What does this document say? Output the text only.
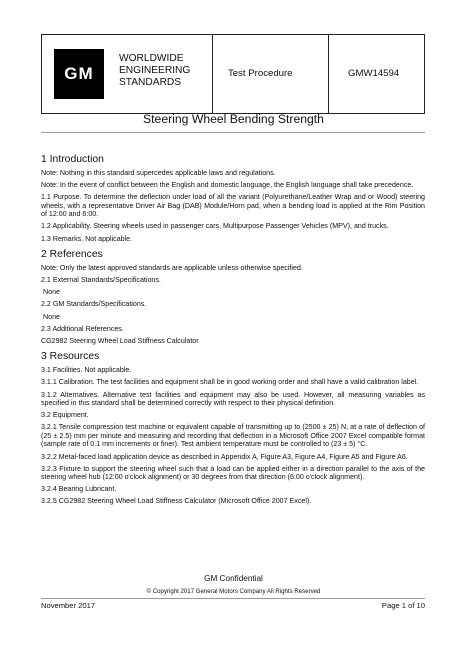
GM
WORLDWIDE
ENGINEERING
STANDARDS
Test Procedure	GMW14594
Steering Wheel Bending Strength
1 Introduction

Note: Nothing in this standard supercedes applicable laws and regulations.

Note: In the event of conflict between the English and domestic language, the English language shall take precedence.

1.1 Purpose. To determine the deflection under load of all the variant (Polyurethane/Leather Wrap and or Wood) steering wheels, with a representative Driver Air Bag (DAB) Module/Horn pad, when a bending load is applied at the Rim Position of 12:00 and 6:00.

1.2 Applicability. Steering wheels used in passenger cars, Multipurpose Passenger Vehicles (MPV), and trucks.

1.3 Remarks. Not applicable.

2 References

Note: Only the latest approved standards are applicable unless otherwise specified.

2.1 External Standards/Specifications.

None

2.2 GM Standards/Specifications.

None

2.3 Additional References.

CG2982 Steering Wheel Load Stiffness Calculator

3 Resources

3.1 Facilities. Not applicable.

3.1.1 Calibration. The test facilities and equipment shall be in good working order and shall have a valid calibration label.

3.1.2 Alternatives. Alternative test facilities and equipment may also be used. However, all measuring variables as specified in this standard shall be determined correctly with respect to their physical definition.

3.2 Equipment.

3.2.1 Tensile compression test machine or equivalent capable of transmitting up to (2500 ± 25) N, at a rate of deflection of (25 ± 2.5) mm per minute and measuring and recording that deflection in a Microsoft Office 2007 Excel compatible format (sample rate of 0.1 mm increments or finer). Test ambient temperature must be controlled to (23 ± 5) °C.

3.2.2 Metal-faced load application device as described in Appendix A, Figure A3, Figure A4, Figure A5 and Figure A6.

3.2.3 Fixture to support the steering wheel such that a load can be applied either in a direction parallel to the axis of the steering wheel hub (12:00 o'clock alignment) or 30 degrees from that direction (6:00 o'clock alignment).

3.2.4 Bearing Lubricant.

3.2.5 CG2982 Steering Wheel Load Stiffness Calculator (Microsoft Office 2007 Excel).

GM Confidential
© Copyright 2017 General Motors Company All Rights Reserved
November 2017	Page 1 of 10
